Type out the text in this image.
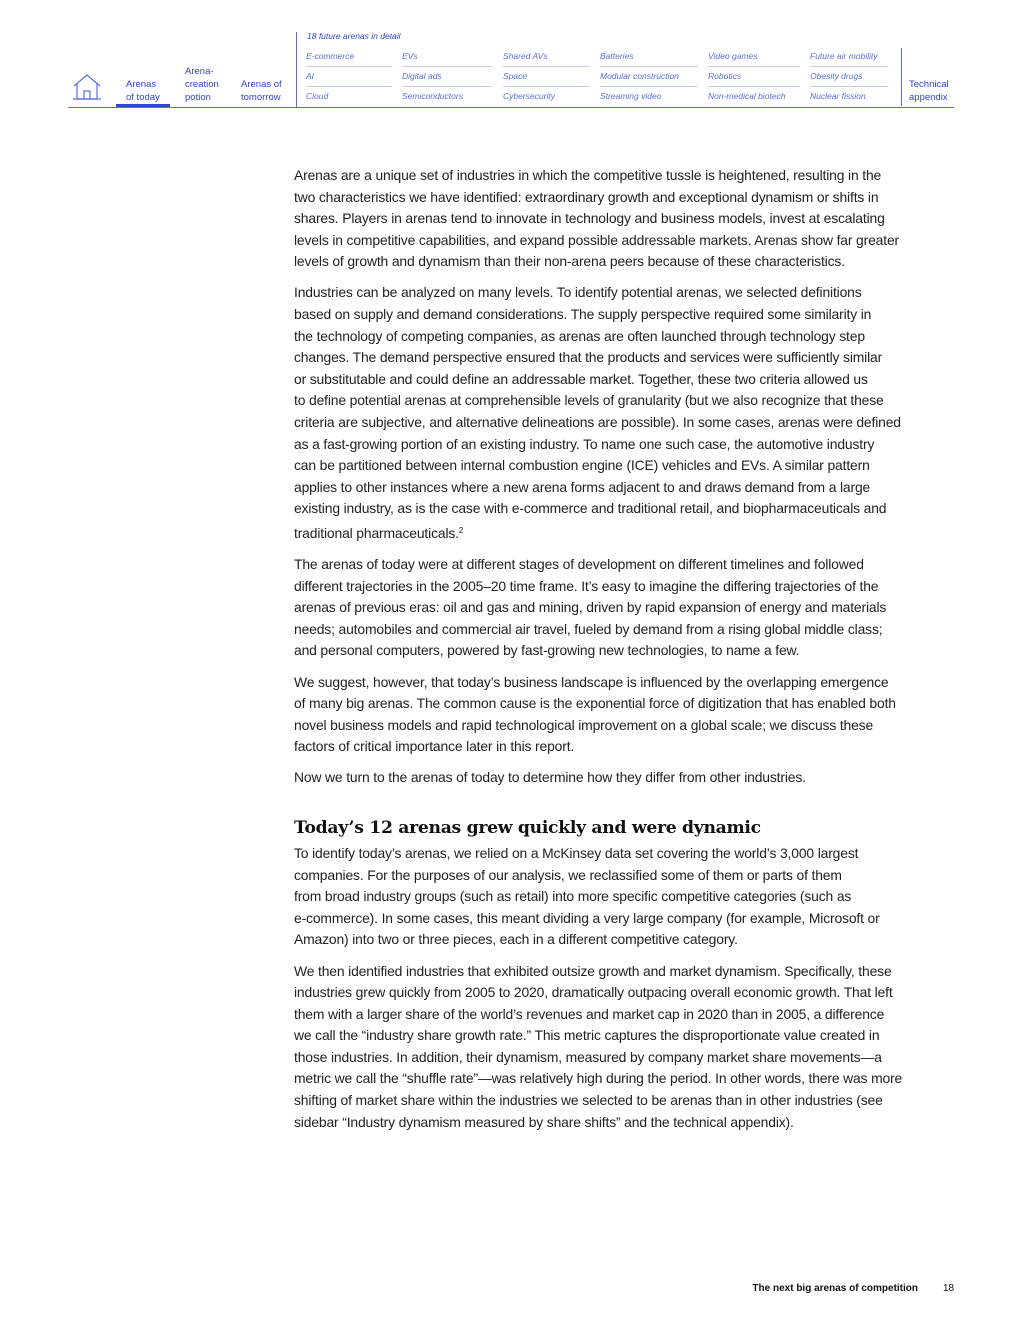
Arenas
of today
Arena-
creation
potion
Arenas of
tomorrow
18 future arenas in detail
E-commerce	EVs	Shared AVs	Batteries	Video games	Future air mobility
AI	Digital ads	Space	Modular construction	Robotics	Obesity drugs
Cloud	Semiconductors	Cybersecurity	Streaming video	Non-medical biotech	Nuclear fission
Technical
appendix
Arenas are a unique set of industries in which the competitive tussle is heightened, resulting in the
two characteristics we have identified: extraordinary growth and exceptional dynamism or shifts in
shares. Players in arenas tend to innovate in technology and business models, invest at escalating
levels in competitive capabilities, and expand possible addressable markets. Arenas show far greater
levels of growth and dynamism than their non-arena peers because of these characteristics.
Industries can be analyzed on many levels. To identify potential arenas, we selected definitions
based on supply and demand considerations. The supply perspective required some similarity in
the technology of competing companies, as arenas are often launched through technology step
changes. The demand perspective ensured that the products and services were sufficiently similar
or substitutable and could define an addressable market. Together, these two criteria allowed us
to define potential arenas at comprehensible levels of granularity (but we also recognize that these
criteria are subjective, and alternative delineations are possible). In some cases, arenas were defined
as a fast-growing portion of an existing industry. To name one such case, the automotive industry
can be partitioned between internal combustion engine (ICE) vehicles and EVs. A similar pattern
applies to other instances where a new arena forms adjacent to and draws demand from a large
existing industry, as is the case with e-commerce and traditional retail, and biopharmaceuticals and
traditional pharmaceuticals.$^2$
The arenas of today were at different stages of development on different timelines and followed
different trajectories in the 2005–20 time frame. It’s easy to imagine the differing trajectories of the
arenas of previous eras: oil and gas and mining, driven by rapid expansion of energy and materials
needs; automobiles and commercial air travel, fueled by demand from a rising global middle class;
and personal computers, powered by fast-growing new technologies, to name a few.
We suggest, however, that today’s business landscape is influenced by the overlapping emergence
of many big arenas. The common cause is the exponential force of digitization that has enabled both
novel business models and rapid technological improvement on a global scale; we discuss these
factors of critical importance later in this report.
Now we turn to the arenas of today to determine how they differ from other industries.
Today’s 12 arenas grew quickly and were dynamic
To identify today’s arenas, we relied on a McKinsey data set covering the world’s 3,000 largest
companies. For the purposes of our analysis, we reclassified some of them or parts of them
from broad industry groups (such as retail) into more specific competitive categories (such as
e-commerce). In some cases, this meant dividing a very large company (for example, Microsoft or
Amazon) into two or three pieces, each in a different competitive category.
We then identified industries that exhibited outsize growth and market dynamism. Specifically, these
industries grew quickly from 2005 to 2020, dramatically outpacing overall economic growth. That left
them with a larger share of the world’s revenues and market cap in 2020 than in 2005, a difference
we call the “industry share growth rate.” This metric captures the disproportionate value created in
those industries. In addition, their dynamism, measured by company market share movements—a
metric we call the “shuffle rate”—was relatively high during the period. In other words, there was more
shifting of market share within the industries we selected to be arenas than in other industries (see
sidebar “Industry dynamism measured by share shifts” and the technical appendix).
The next big arenas of competition	18
